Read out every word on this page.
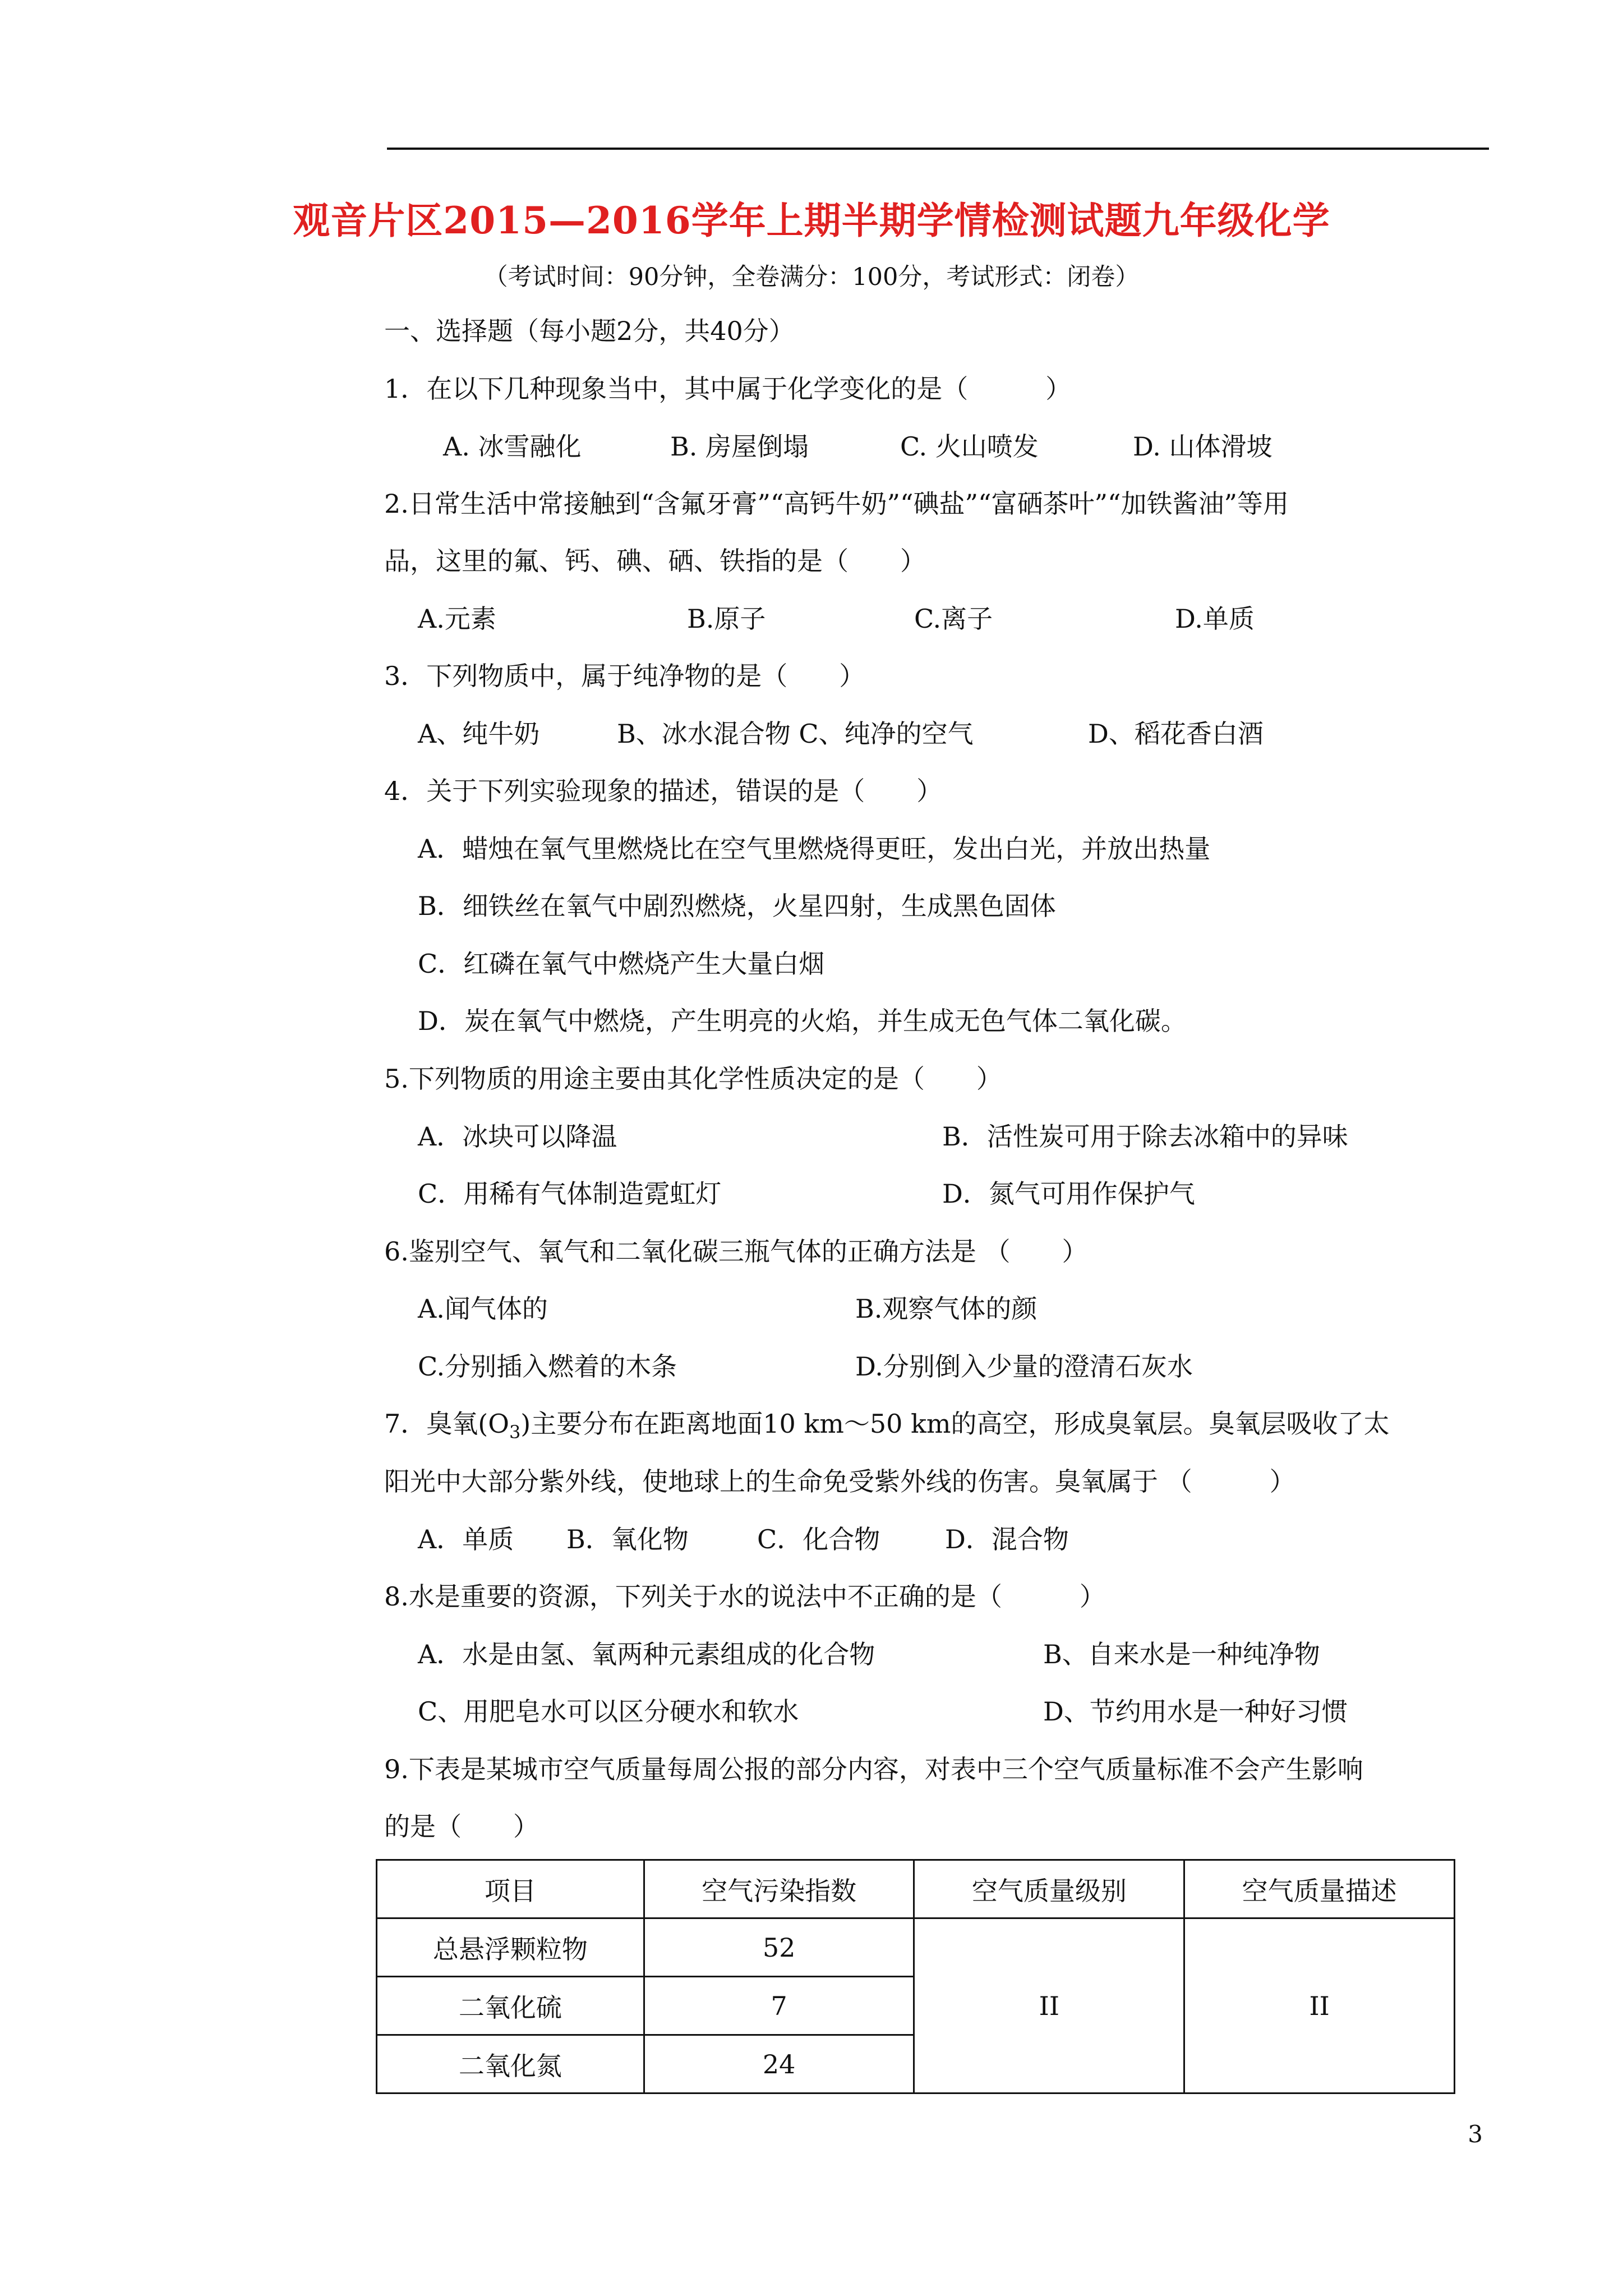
观音片区2015—2016学年上期半期学情检测试题九年级化学
（考试时间：90分钟，全卷满分：100分，考试形式：闭卷）
一、选择题（每小题2分，共40分）
1．在以下几种现象当中，其中属于化学变化的是（　　　）
A. 冰雪融化	B. 房屋倒塌	C. 火山喷发	D. 山体滑坡
2.日常生活中常接触到“含氟牙膏”“高钙牛奶”“碘盐”“富硒茶叶”“加铁酱油”等用
品，这里的氟、钙、碘、硒、铁指的是（　　）
A.元素	B.原子	C.离子	D.单质
3．下列物质中，属于纯净物的是（　　）
A、纯牛奶	B、冰水混合物 C、纯净的空气	D、稻花香白酒
4．关于下列实验现象的描述，错误的是（　　）
A．蜡烛在氧气里燃烧比在空气里燃烧得更旺，发出白光，并放出热量
B．细铁丝在氧气中剧烈燃烧，火星四射，生成黑色固体
C．红磷在氧气中燃烧产生大量白烟
D．炭在氧气中燃烧，产生明亮的火焰，并生成无色气体二氧化碳。
5.下列物质的用途主要由其化学性质决定的是（　　）
A．冰块可以降温	B．活性炭可用于除去冰箱中的异味
C．用稀有气体制造霓虹灯	D．氮气可用作保护气
6.鉴别空气、氧气和二氧化碳三瓶气体的正确方法是 （　　）
A.闻气体的	B.观察气体的颜
C.分别插入燃着的木条	D.分别倒入少量的澄清石灰水
7．臭氧$(O_3)$主要分布在距离地面10 km～50 km的高空，形成臭氧层。臭氧层吸收了太
阳光中大部分紫外线，使地球上的生命免受紫外线的伤害。臭氧属于 （　　　）
A．单质 B．氧化物	C．化合物	D．混合物
8.水是重要的资源，下列关于水的说法中不正确的是（　　　）
A．水是由氢、氧两种元素组成的化合物	B、自来水是一种纯净物
C、用肥皂水可以区分硬水和软水	D、节约用水是一种好习惯
9.下表是某城市空气质量每周公报的部分内容，对表中三个空气质量标准不会产生影响
的是（　　）
项目	空气污染指数	空气质量级别	空气质量描述
总悬浮颗粒物	52	II	II
二氧化硫	7		
二氧化氮	24		
3
